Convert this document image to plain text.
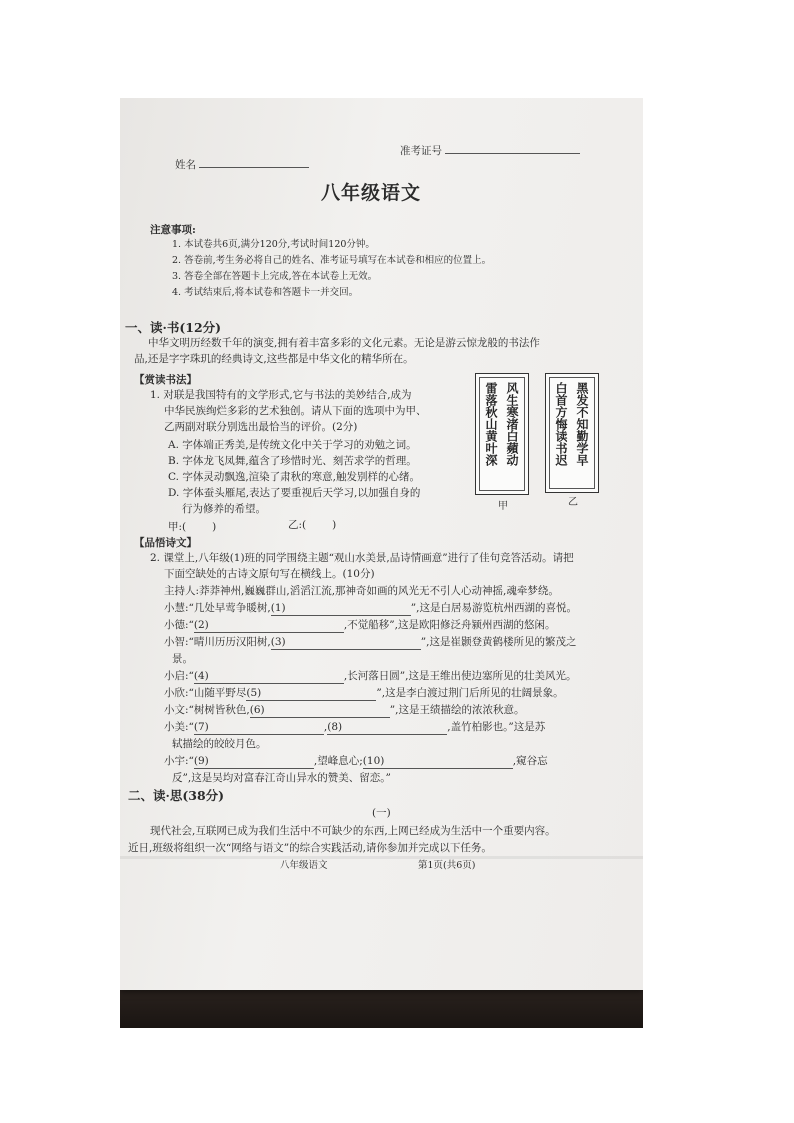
姓名
准考证号
八年级语文
注意事项:
1. 本试卷共6页,满分120分,考试时间120分钟。
2. 答卷前,考生务必将自己的姓名、准考证号填写在本试卷和相应的位置上。
3. 答卷全部在答题卡上完成,答在本试卷上无效。
4. 考试结束后,将本试卷和答题卡一并交回。
一、读·书(12分)
中华文明历经数千年的演变,拥有着丰富多彩的文化元素。无论是游云惊龙般的书法作
品,还是字字珠玑的经典诗文,这些都是中华文化的精华所在。
【赏读书法】
1. 对联是我国特有的文学形式,它与书法的美妙结合,成为
中华民族绚烂多彩的艺术独创。请从下面的选项中为甲、
乙两副对联分别选出最恰当的评价。(2分)
A. 字体端正秀美,是传统文化中关于学习的劝勉之词。
B. 字体龙飞凤舞,蕴含了珍惜时光、刻苦求学的哲理。
C. 字体灵动飘逸,渲染了肃秋的寒意,触发别样的心绪。
D. 字体蚕头雁尾,表达了要重视后天学习,以加强自身的
行为修养的希望。
甲:( )	乙:( )
风生寒渚白蘋动
雷落秋山黄叶深
甲
黑发不知勤学早
白首方悔读书迟
乙
【品悟诗文】
2. 课堂上,八年级(1)班的同学围绕主题“观山水美景,品诗情画意”进行了佳句竞答活动。请把
下面空缺处的古诗文原句写在横线上。(10分)
主持人:莽莽神州,巍巍群山,滔滔江流,那神奇如画的风光无不引人心动神摇,魂牵梦绕。
小慧:“几处早莺争暖树,(1)	”,这是白居易游览杭州西湖的喜悦。
小德:“(2)	,不觉船移”,这是欧阳修泛舟颍州西湖的悠闲。
小智:“晴川历历汉阳树,(3)	”,这是崔颢登黄鹤楼所见的繁茂之
景。
小启:“(4)	,长河落日圆”,这是王维出使边塞所见的壮美风光。
小欣:“山随平野尽(5)	”,这是李白渡过荆门后所见的壮阔景象。
小文:“树树皆秋色,(6)	”,这是王绩描绘的浓浓秋意。
小美:“(7)	,(8)	,盖竹柏影也。”这是苏
轼描绘的皎皎月色。
小宇:“(9)	,望峰息心;(10)	,窥谷忘
反”,这是吴均对富春江奇山异水的赞美、留恋。”
二、读·思(38分)
(一)
现代社会,互联网已成为我们生活中不可缺少的东西,上网已经成为生活中一个重要内容。
近日,班级将组织一次“网络与语文”的综合实践活动,请你参加并完成以下任务。
八年级语文	第1页(共6页)
